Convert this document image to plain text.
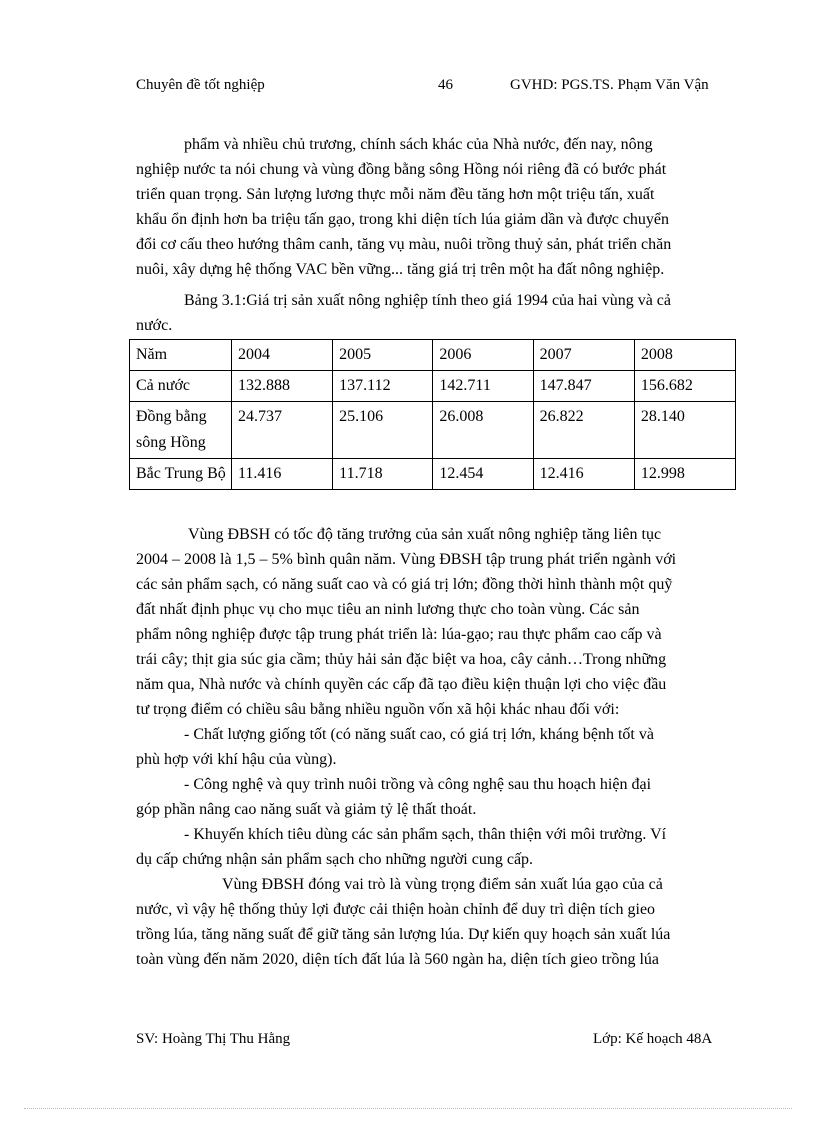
Chuyên đề tốt nghiệp	46	GVHD: PGS.TS. Phạm Văn Vận
phẩm và nhiều chủ trương, chính sách khác của Nhà nước, đến nay, nông
nghiệp nước ta nói chung và vùng đồng bằng sông Hồng nói riêng đã có bước phát
triển quan trọng. Sản lượng lương thực mỗi năm đều tăng hơn một triệu tấn, xuất
khẩu ổn định hơn ba triệu tấn gạo, trong khi diện tích lúa giảm dần và được chuyển
đổi cơ cấu theo hướng thâm canh, tăng vụ màu, nuôi trồng thuỷ sản, phát triển chăn
nuôi, xây dựng hệ thống VAC bền vững... tăng giá trị trên một ha đất nông nghiệp.
Bảng 3.1:Giá trị sản xuất nông nghiệp tính theo giá 1994 của hai vùng và cả
nước.
Năm	2004	2005	2006	2007	2008
Cả nước	132.888	137.112	142.711	147.847	156.682
Đồng bằng sông Hồng	24.737	25.106	26.008	26.822	28.140
Bắc Trung Bộ	11.416	11.718	12.454	12.416	12.998
Vùng ĐBSH có tốc độ tăng trưởng của sản xuất nông nghiệp tăng liên tục
2004 – 2008 là 1,5 – 5% bình quân năm. Vùng ĐBSH tập trung phát triển ngành với
các sản phẩm sạch, có năng suất cao và có giá trị lớn; đồng thời hình thành một quỹ
đất nhất định phục vụ cho mục tiêu an ninh lương thực cho toàn vùng. Các sản
phẩm nông nghiệp được tập trung phát triển là: lúa-gạo; rau thực phẩm cao cấp và
trái cây; thịt gia súc gia cầm; thủy hải sản đặc biệt va hoa, cây cảnh…Trong những
năm qua, Nhà nước và chính quyền các cấp đã tạo điều kiện thuận lợi cho việc đầu
tư trọng điểm có chiều sâu bằng nhiều nguồn vốn xã hội khác nhau đối với:
- Chất lượng giống tốt (có năng suất cao, có giá trị lớn, kháng bệnh tốt và
phù hợp với khí hậu của vùng).
- Công nghệ và quy trình nuôi trồng và công nghệ sau thu hoạch hiện đại
góp phần nâng cao năng suất và giảm tỷ lệ thất thoát.
- Khuyến khích tiêu dùng các sản phẩm sạch, thân thiện với môi trường. Ví
dụ cấp chứng nhận sản phẩm sạch cho những người cung cấp.
Vùng ĐBSH đóng vai trò là vùng trọng điểm sản xuất lúa gạo của cả
nước, vì vậy hệ thống thủy lợi được cải thiện hoàn chỉnh để duy trì diện tích gieo
trồng lúa, tăng năng suất để giữ tăng sản lượng lúa. Dự kiến quy hoạch sản xuất lúa
toàn vùng đến năm 2020, diện tích đất lúa là 560 ngàn ha, diện tích gieo trồng lúa
SV: Hoàng Thị Thu Hằng	Lớp: Kế hoạch 48A
